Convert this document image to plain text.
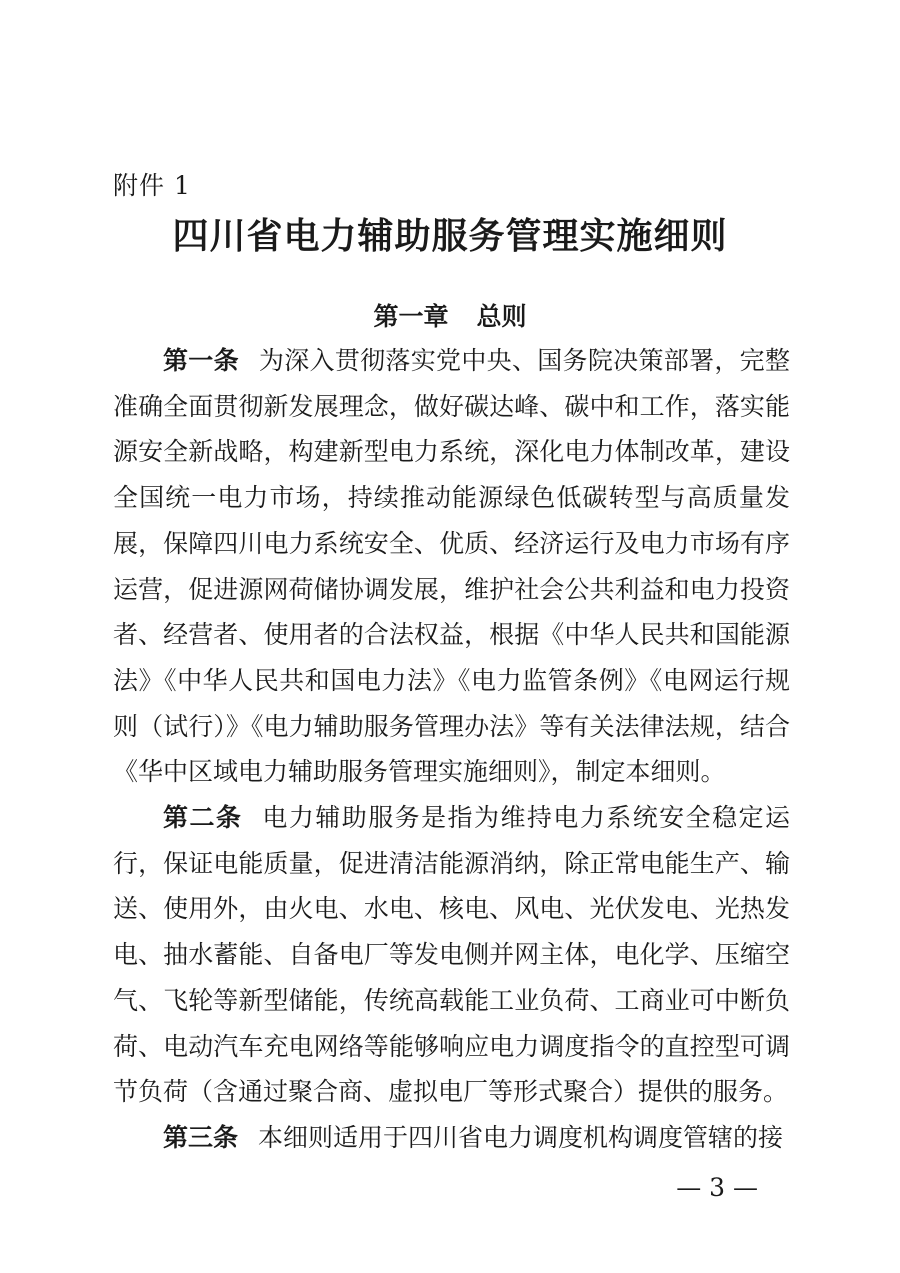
附件 1
四川省电力辅助服务管理实施细则
第一章 总则

第一条 为深入贯彻落实党中央、国务院决策部署，完整准确全面贯彻新发展理念，做好碳达峰、碳中和工作，落实能源安全新战略，构建新型电力系统，深化电力体制改革，建设全国统一电力市场，持续推动能源绿色低碳转型与高质量发展，保障四川电力系统安全、优质、经济运行及电力市场有序运营，促进源网荷储协调发展，维护社会公共利益和电力投资者、经营者、使用者的合法权益，根据《中华人民共和国能源法》《中华人民共和国电力法》《电力监管条例》《电网运行规则（试行）》《电力辅助服务管理办法》等有关法律法规，结合《华中区域电力辅助服务管理实施细则》，制定本细则。

第二条 电力辅助服务是指为维持电力系统安全稳定运行，保证电能质量，促进清洁能源消纳，除正常电能生产、输送、使用外，由火电、水电、核电、风电、光伏发电、光热发电、抽水蓄能、自备电厂等发电侧并网主体，电化学、压缩空气、飞轮等新型储能，传统高载能工业负荷、工商业可中断负荷、电动汽车充电网络等能够响应电力调度指令的直控型可调节负荷（含通过聚合商、虚拟电厂等形式聚合）提供的服务。

第三条 本细则适用于四川省电力调度机构调度管辖的接

— 3 —
